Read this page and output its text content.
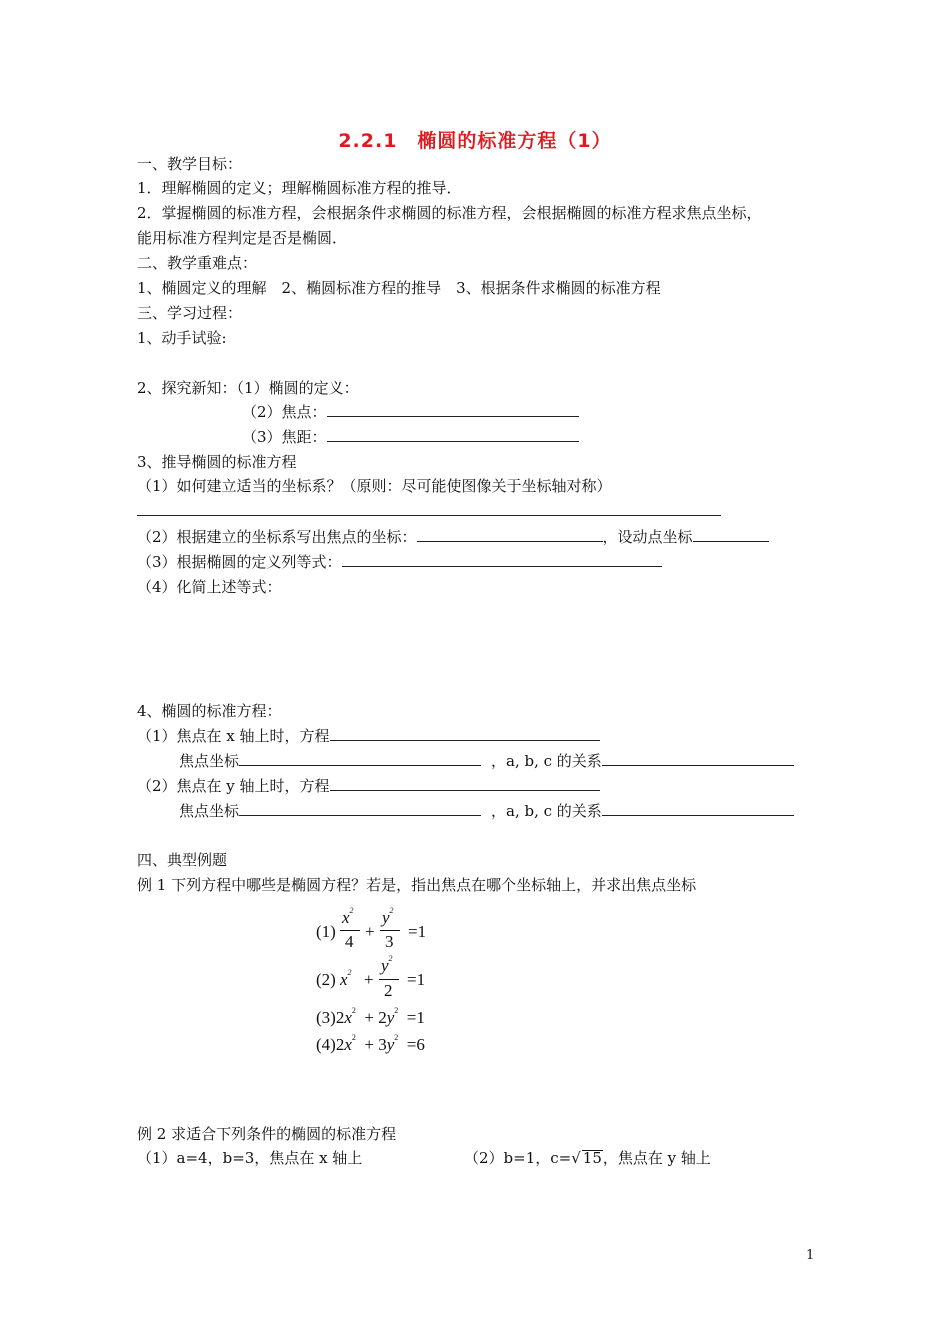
2.2.1　椭圆的标准方程（1）
一、教学目标：
1．理解椭圆的定义；理解椭圆标准方程的推导．
2．掌握椭圆的标准方程，会根据条件求椭圆的标准方程，会根据椭圆的标准方程求焦点坐标，
能用标准方程判定是否是椭圆．
二、教学重难点：
1、椭圆定义的理解　2、椭圆标准方程的推导　3、根据条件求椭圆的标准方程
三、学习过程：
1、动手试验:
2、探究新知：（1）椭圆的定义：
（2）焦点：
（3）焦距：
3、推导椭圆的标准方程
（1）如何建立适当的坐标系？（原则：尽可能使图像关于坐标轴对称）
（2）根据建立的坐标系写出焦点的坐标：	，设动点坐标
（3）根据椭圆的定义列等式：
（4）化简上述等式：
4、椭圆的标准方程：
（1）焦点在 x 轴上时，方程
焦点坐标	，a, b, c 的关系
（2）焦点在 y 轴上时，方程
焦点坐标	，a, b, c 的关系
四、典型例题
例 1 下列方程中哪些是椭圆方程？若是，指出焦点在哪个坐标轴上，并求出焦点坐标
(1)
$x^2$
4
+
$y^2$
3
=1
(2) $x^2$ +
$y^2$
2
=1
$(3)2x^2 + 2y^2 =1$
$(4)2x^2 + 3y^2 =6$
例 2 求适合下列条件的椭圆的标准方程
（1）a=4，b=3，焦点在 x 轴上	（2）b=1，c=√ 15，焦点在 y 轴上
1
